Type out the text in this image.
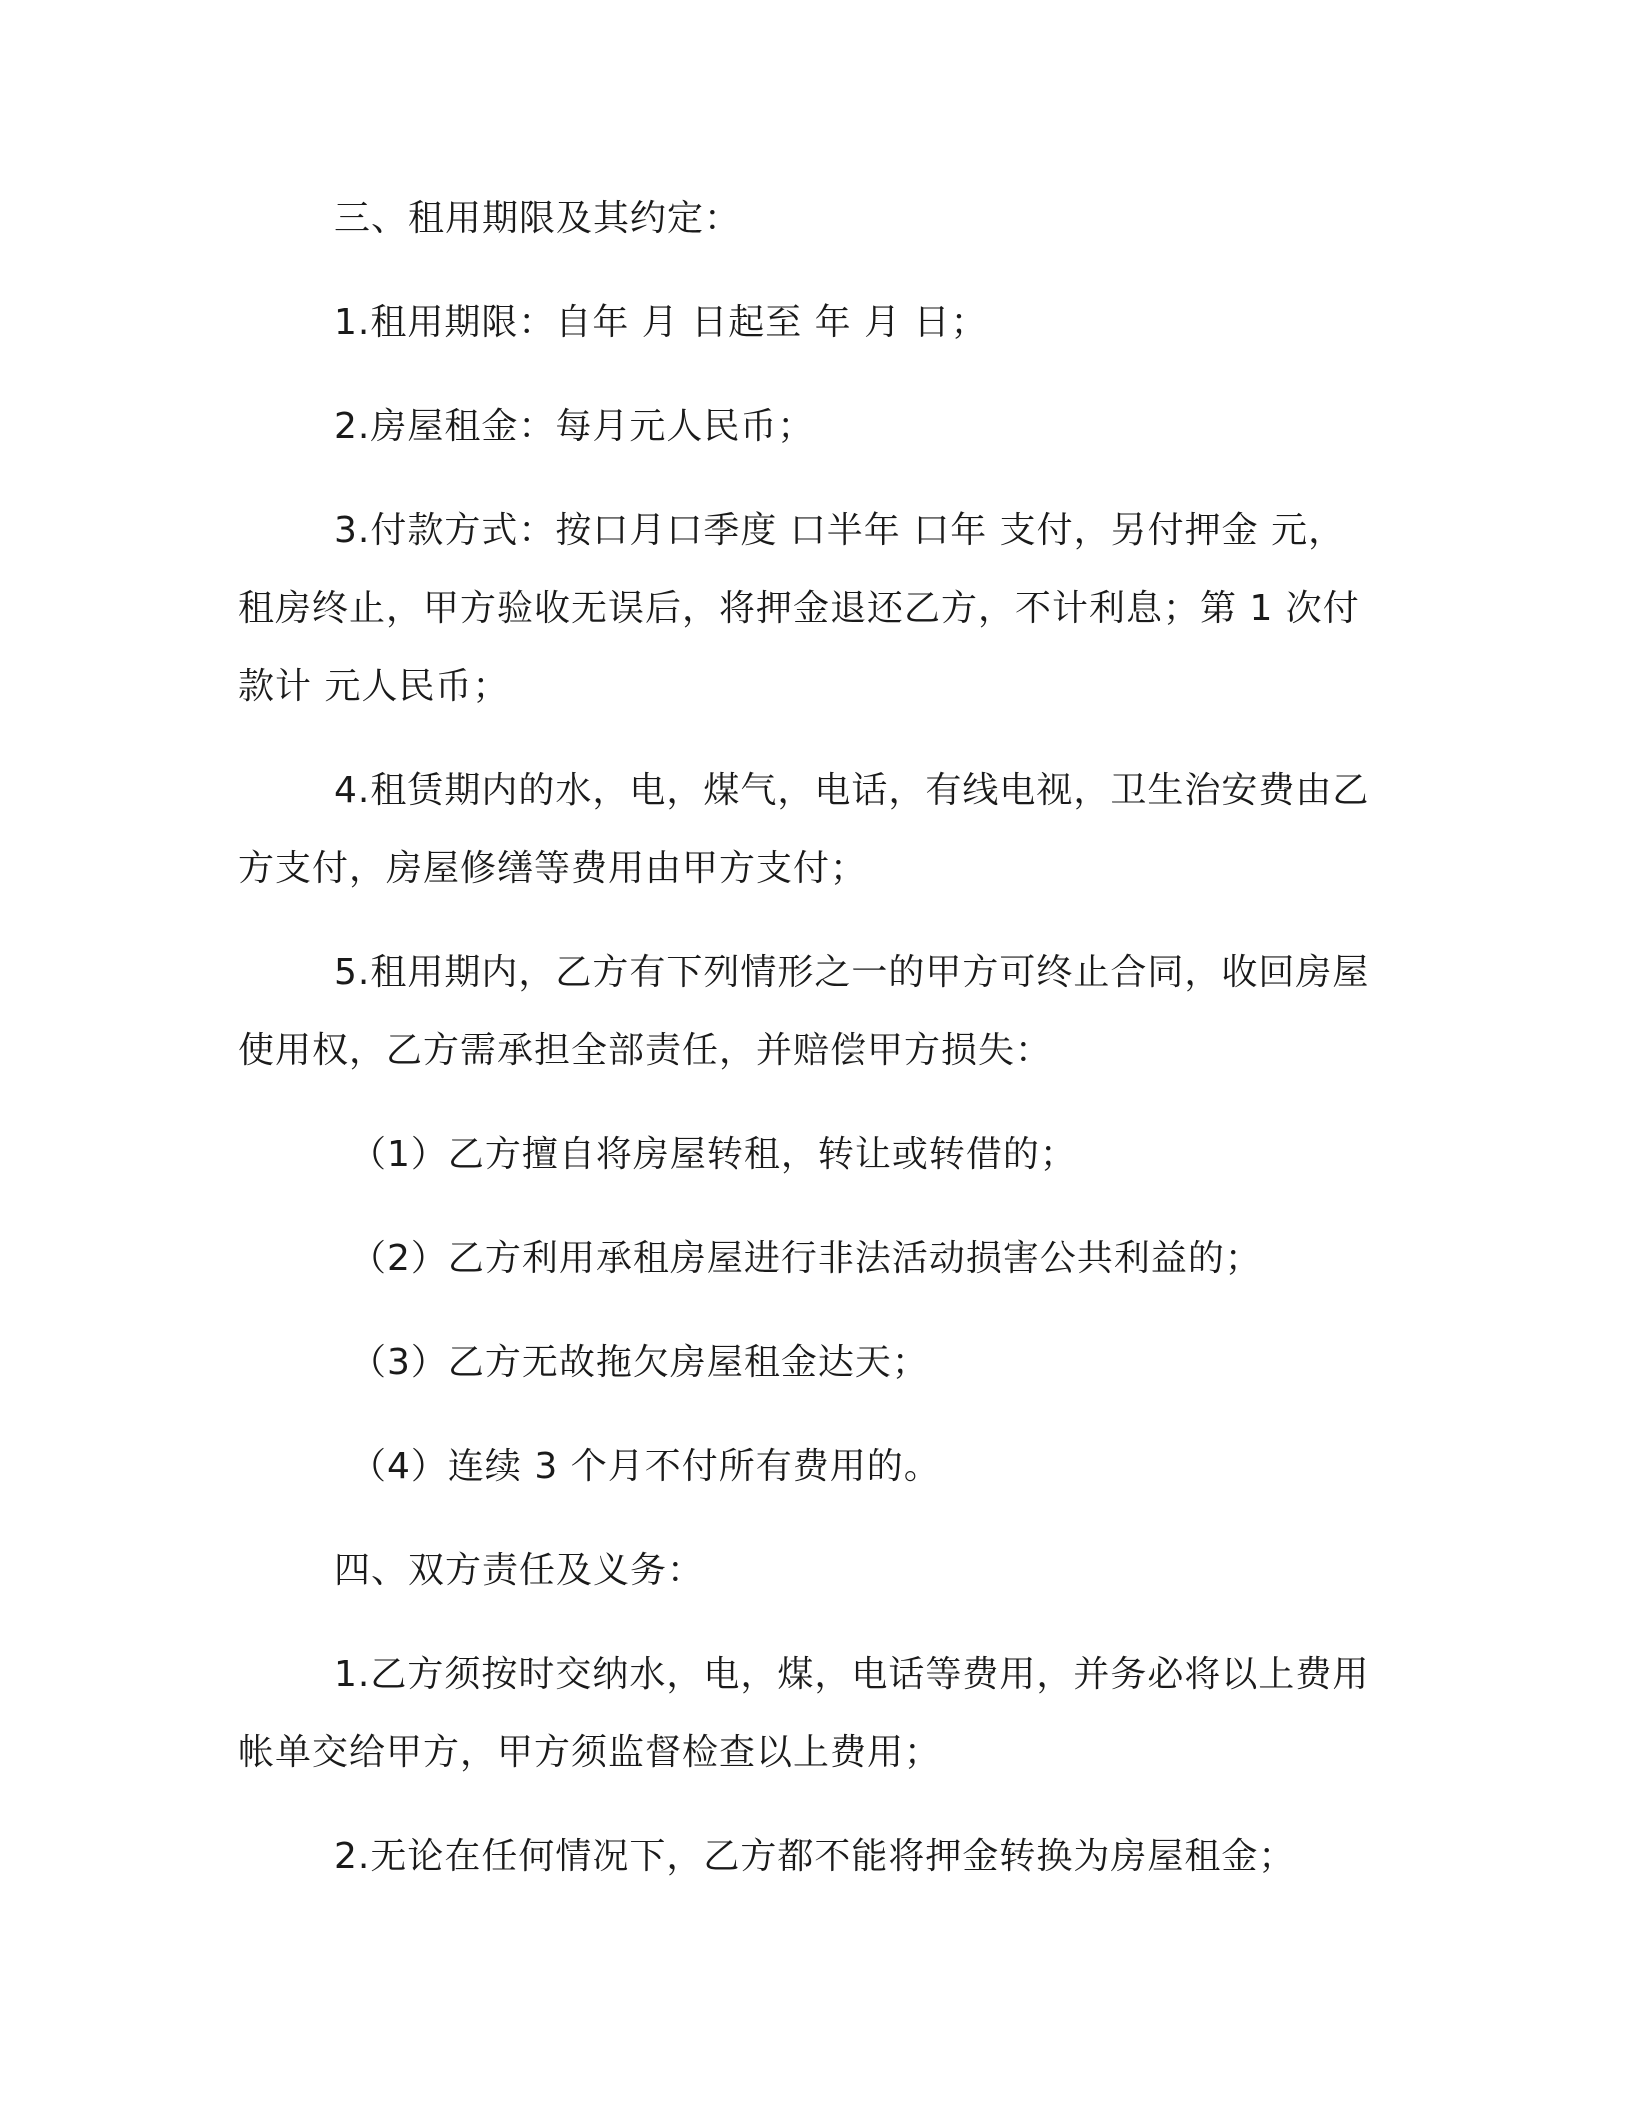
三、租用期限及其约定：

1.租用期限：自年 月 日起至 年 月 日；

2.房屋租金：每月元人民币；

3.付款方式：按口月口季度 口半年 口年 支付，另付押金 元，租房终止，甲方验收无误后，将押金退还乙方，不计利息；第 1 次付款计 元人民币；

4.租赁期内的水，电，煤气，电话，有线电视，卫生治安费由乙方支付，房屋修缮等费用由甲方支付；

5.租用期内，乙方有下列情形之一的甲方可终止合同，收回房屋使用权，乙方需承担全部责任，并赔偿甲方损失：

（1）乙方擅自将房屋转租，转让或转借的；

（2）乙方利用承租房屋进行非法活动损害公共利益的；

（3）乙方无故拖欠房屋租金达天；

（4）连续 3 个月不付所有费用的。

四、双方责任及义务：

1.乙方须按时交纳水，电，煤，电话等费用，并务必将以上费用帐单交给甲方，甲方须监督检查以上费用；

2.无论在任何情况下，乙方都不能将押金转换为房屋租金；
